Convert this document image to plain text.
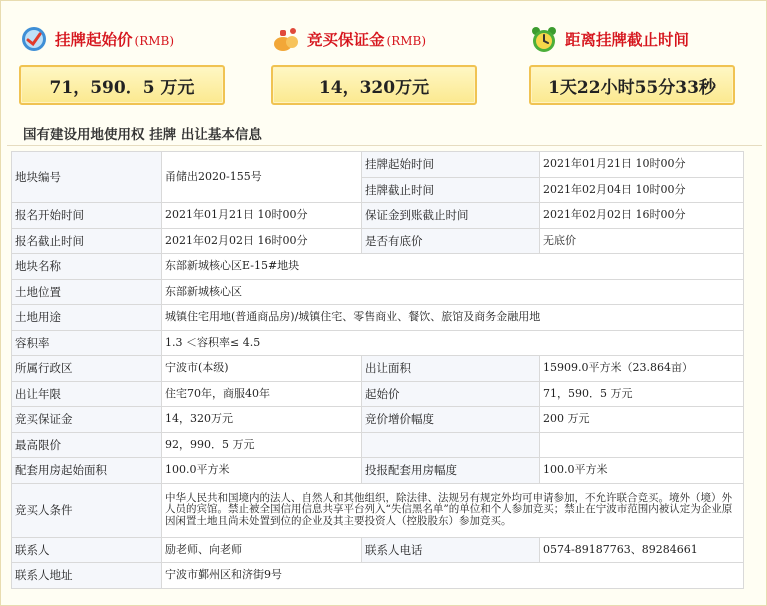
挂牌起始价 (RMB)
71，590．5 万元
竞买保证金 (RMB)
14，320万元
距离挂牌截止时间
1天22小时55分33秒
国有建设用地使用权 挂牌 出让基本信息
地块编号	甬储出2020-155号	挂牌起始时间	2021年01月21日 10时00分
		挂牌截止时间	2021年02月04日 10时00分
报名开始时间	2021年01月21日 10时00分	保证金到账截止时间	2021年02月02日 16时00分
报名截止时间	2021年02月02日 16时00分	是否有底价	无底价
地块名称	东部新城核心区E-15#地块		
土地位置	东部新城核心区		
土地用途	城镇住宅用地(普通商品房)/城镇住宅、零售商业、餐饮、旅馆及商务金融用地		
容积率	1.3 ＜容积率≤ 4.5		
所属行政区	宁波市(本级)	出让面积	15909.0平方米（23.864亩）
出让年限	住宅70年，商服40年	起始价	71，590．5 万元
竞买保证金	14，320万元	竞价增价幅度	200 万元
最高限价	92，990．5 万元		
配套用房起始面积	100.0平方米	投报配套用房幅度	100.0平方米
竞买人条件	中华人民共和国境内的法人、自然人和其他组织，除法律、法规另有规定外均可申请参加，不允许联合竞买。境外（境）外人员的宾馆。禁止被全国信用信息共享平台列入“失信黑名单”的单位和个人参加竞买；禁止在宁波市范围内被认定为企业原因闲置土地且尚未处置到位的企业及其主要投资人（控股股东）参加竞买。		
联系人	励老师、向老师	联系人电话	0574-89187763、89284661
联系人地址	宁波市鄞州区和济街9号		
